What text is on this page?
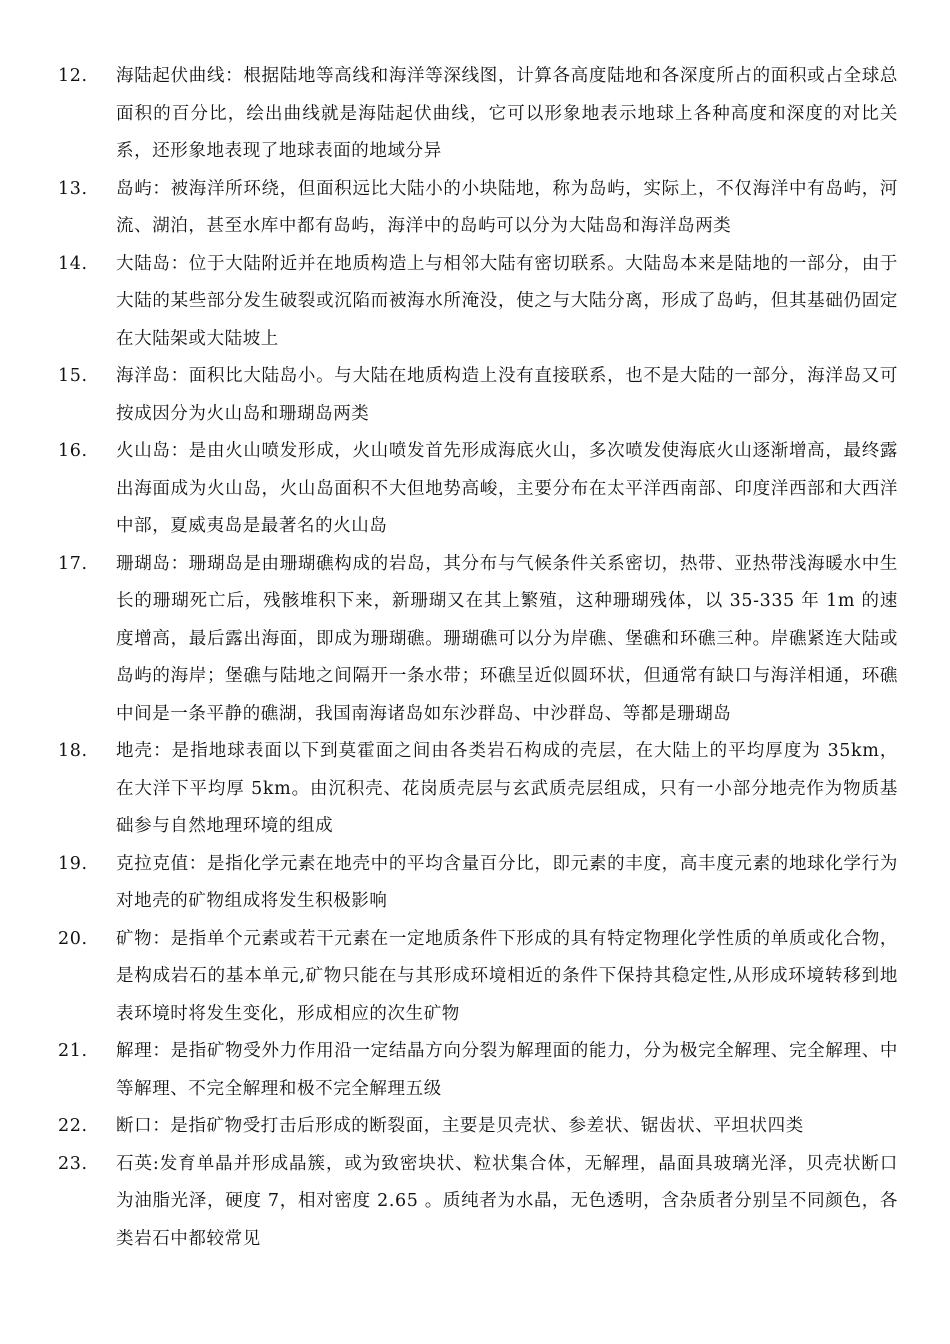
12.	海陆起伏曲线：根据陆地等高线和海洋等深线图，计算各高度陆地和各深度所占的面积或占全球总面积的百分比，绘出曲线就是海陆起伏曲线，它可以形象地表示地球上各种高度和深度的对比关系，还形象地表现了地球表面的地域分异
13.	岛屿：被海洋所环绕，但面积远比大陆小的小块陆地，称为岛屿，实际上，不仅海洋中有岛屿，河流、湖泊，甚至水库中都有岛屿，海洋中的岛屿可以分为大陆岛和海洋岛两类
14.	大陆岛：位于大陆附近并在地质构造上与相邻大陆有密切联系。大陆岛本来是陆地的一部分，由于大陆的某些部分发生破裂或沉陷而被海水所淹没，使之与大陆分离，形成了岛屿，但其基础仍固定在大陆架或大陆坡上
15.	海洋岛：面积比大陆岛小。与大陆在地质构造上没有直接联系，也不是大陆的一部分，海洋岛又可按成因分为火山岛和珊瑚岛两类
16.	火山岛：是由火山喷发形成，火山喷发首先形成海底火山，多次喷发使海底火山逐渐增高，最终露出海面成为火山岛，火山岛面积不大但地势高峻，主要分布在太平洋西南部、印度洋西部和大西洋中部，夏威夷岛是最著名的火山岛
17.	珊瑚岛：珊瑚岛是由珊瑚礁构成的岩岛，其分布与气候条件关系密切，热带、亚热带浅海暖水中生长的珊瑚死亡后，残骸堆积下来，新珊瑚又在其上繁殖，这种珊瑚残体，以 35-335 年 1m 的速度增高，最后露出海面，即成为珊瑚礁。珊瑚礁可以分为岸礁、堡礁和环礁三种。岸礁紧连大陆或岛屿的海岸；堡礁与陆地之间隔开一条水带；环礁呈近似圆环状，但通常有缺口与海洋相通，环礁中间是一条平静的礁湖，我国南海诸岛如东沙群岛、中沙群岛、等都是珊瑚岛
18.	地壳：是指地球表面以下到莫霍面之间由各类岩石构成的壳层，在大陆上的平均厚度为 35km，在大洋下平均厚 5km。由沉积壳、花岗质壳层与玄武质壳层组成，只有一小部分地壳作为物质基础参与自然地理环境的组成
19.	克拉克值：是指化学元素在地壳中的平均含量百分比，即元素的丰度，高丰度元素的地球化学行为对地壳的矿物组成将发生积极影响
20.	矿物：是指单个元素或若干元素在一定地质条件下形成的具有特定物理化学性质的单质或化合物，是构成岩石的基本单元,矿物只能在与其形成环境相近的条件下保持其稳定性,从形成环境转移到地表环境时将发生变化，形成相应的次生矿物
21.	解理：是指矿物受外力作用沿一定结晶方向分裂为解理面的能力，分为极完全解理、完全解理、中等解理、不完全解理和极不完全解理五级
22.	断口：是指矿物受打击后形成的断裂面，主要是贝壳状、参差状、锯齿状、平坦状四类
23.	石英:发育单晶并形成晶簇，或为致密块状、粒状集合体，无解理，晶面具玻璃光泽，贝壳状断口为油脂光泽，硬度 7，相对密度 2.65 。质纯者为水晶，无色透明，含杂质者分别呈不同颜色，各类岩石中都较常见
